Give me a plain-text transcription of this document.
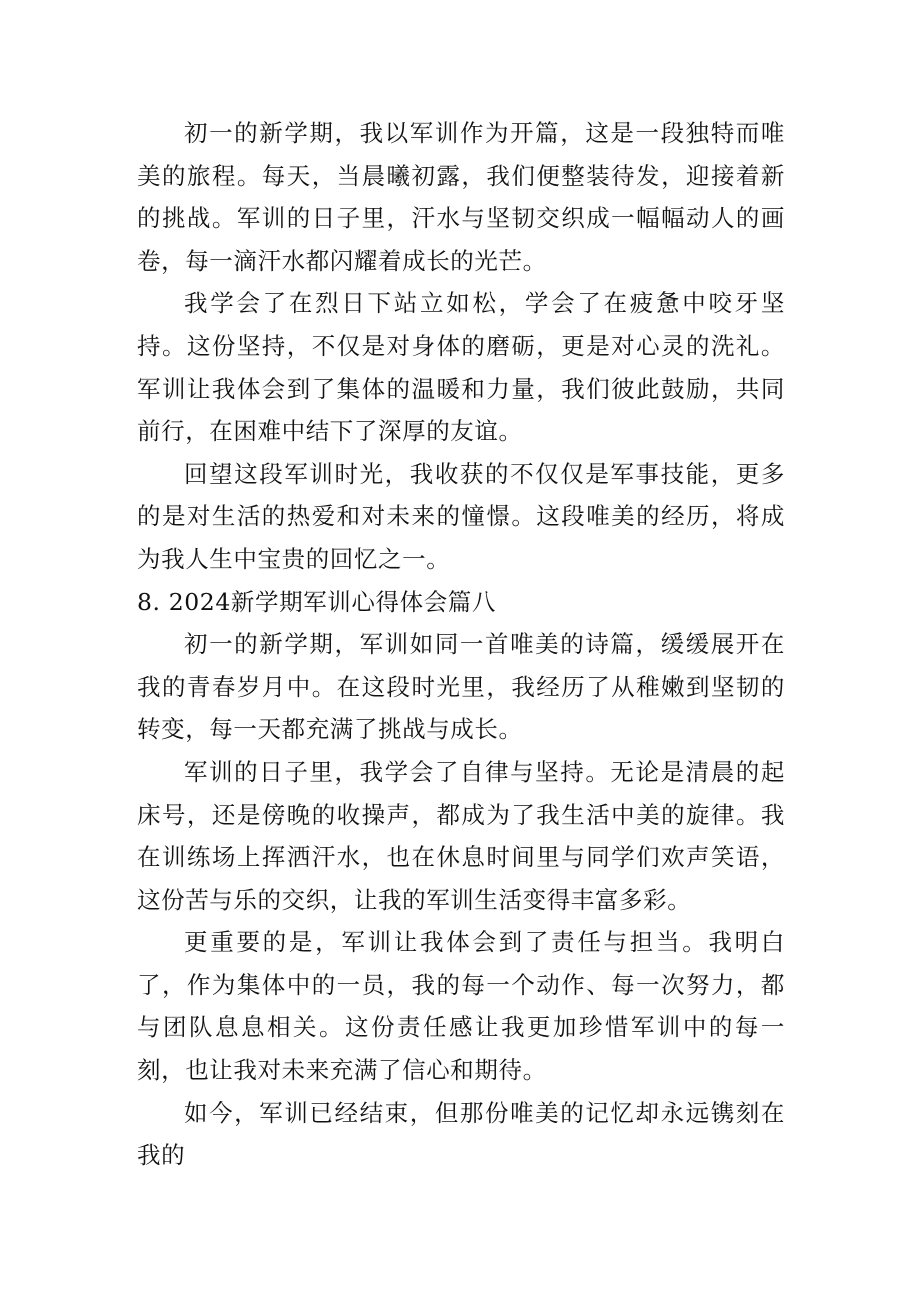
初一的新学期，我以军训作为开篇，这是一段独特而唯美的旅程。每天，当晨曦初露，我们便整装待发，迎接着新的挑战。军训的日子里，汗水与坚韧交织成一幅幅动人的画卷，每一滴汗水都闪耀着成长的光芒。

我学会了在烈日下站立如松，学会了在疲惫中咬牙坚持。这份坚持，不仅是对身体的磨砺，更是对心灵的洗礼。军训让我体会到了集体的温暖和力量，我们彼此鼓励，共同前行，在困难中结下了深厚的友谊。

回望这段军训时光，我收获的不仅仅是军事技能，更多的是对生活的热爱和对未来的憧憬。这段唯美的经历，将成为我人生中宝贵的回忆之一。

8. 2024新学期军训心得体会篇八

初一的新学期，军训如同一首唯美的诗篇，缓缓展开在我的青春岁月中。在这段时光里，我经历了从稚嫩到坚韧的转变，每一天都充满了挑战与成长。

军训的日子里，我学会了自律与坚持。无论是清晨的起床号，还是傍晚的收操声，都成为了我生活中美的旋律。我在训练场上挥洒汗水，也在休息时间里与同学们欢声笑语，这份苦与乐的交织，让我的军训生活变得丰富多彩。

更重要的是，军训让我体会到了责任与担当。我明白了，作为集体中的一员，我的每一个动作、每一次努力，都与团队息息相关。这份责任感让我更加珍惜军训中的每一刻，也让我对未来充满了信心和期待。

如今，军训已经结束，但那份唯美的记忆却永远镌刻在我的
